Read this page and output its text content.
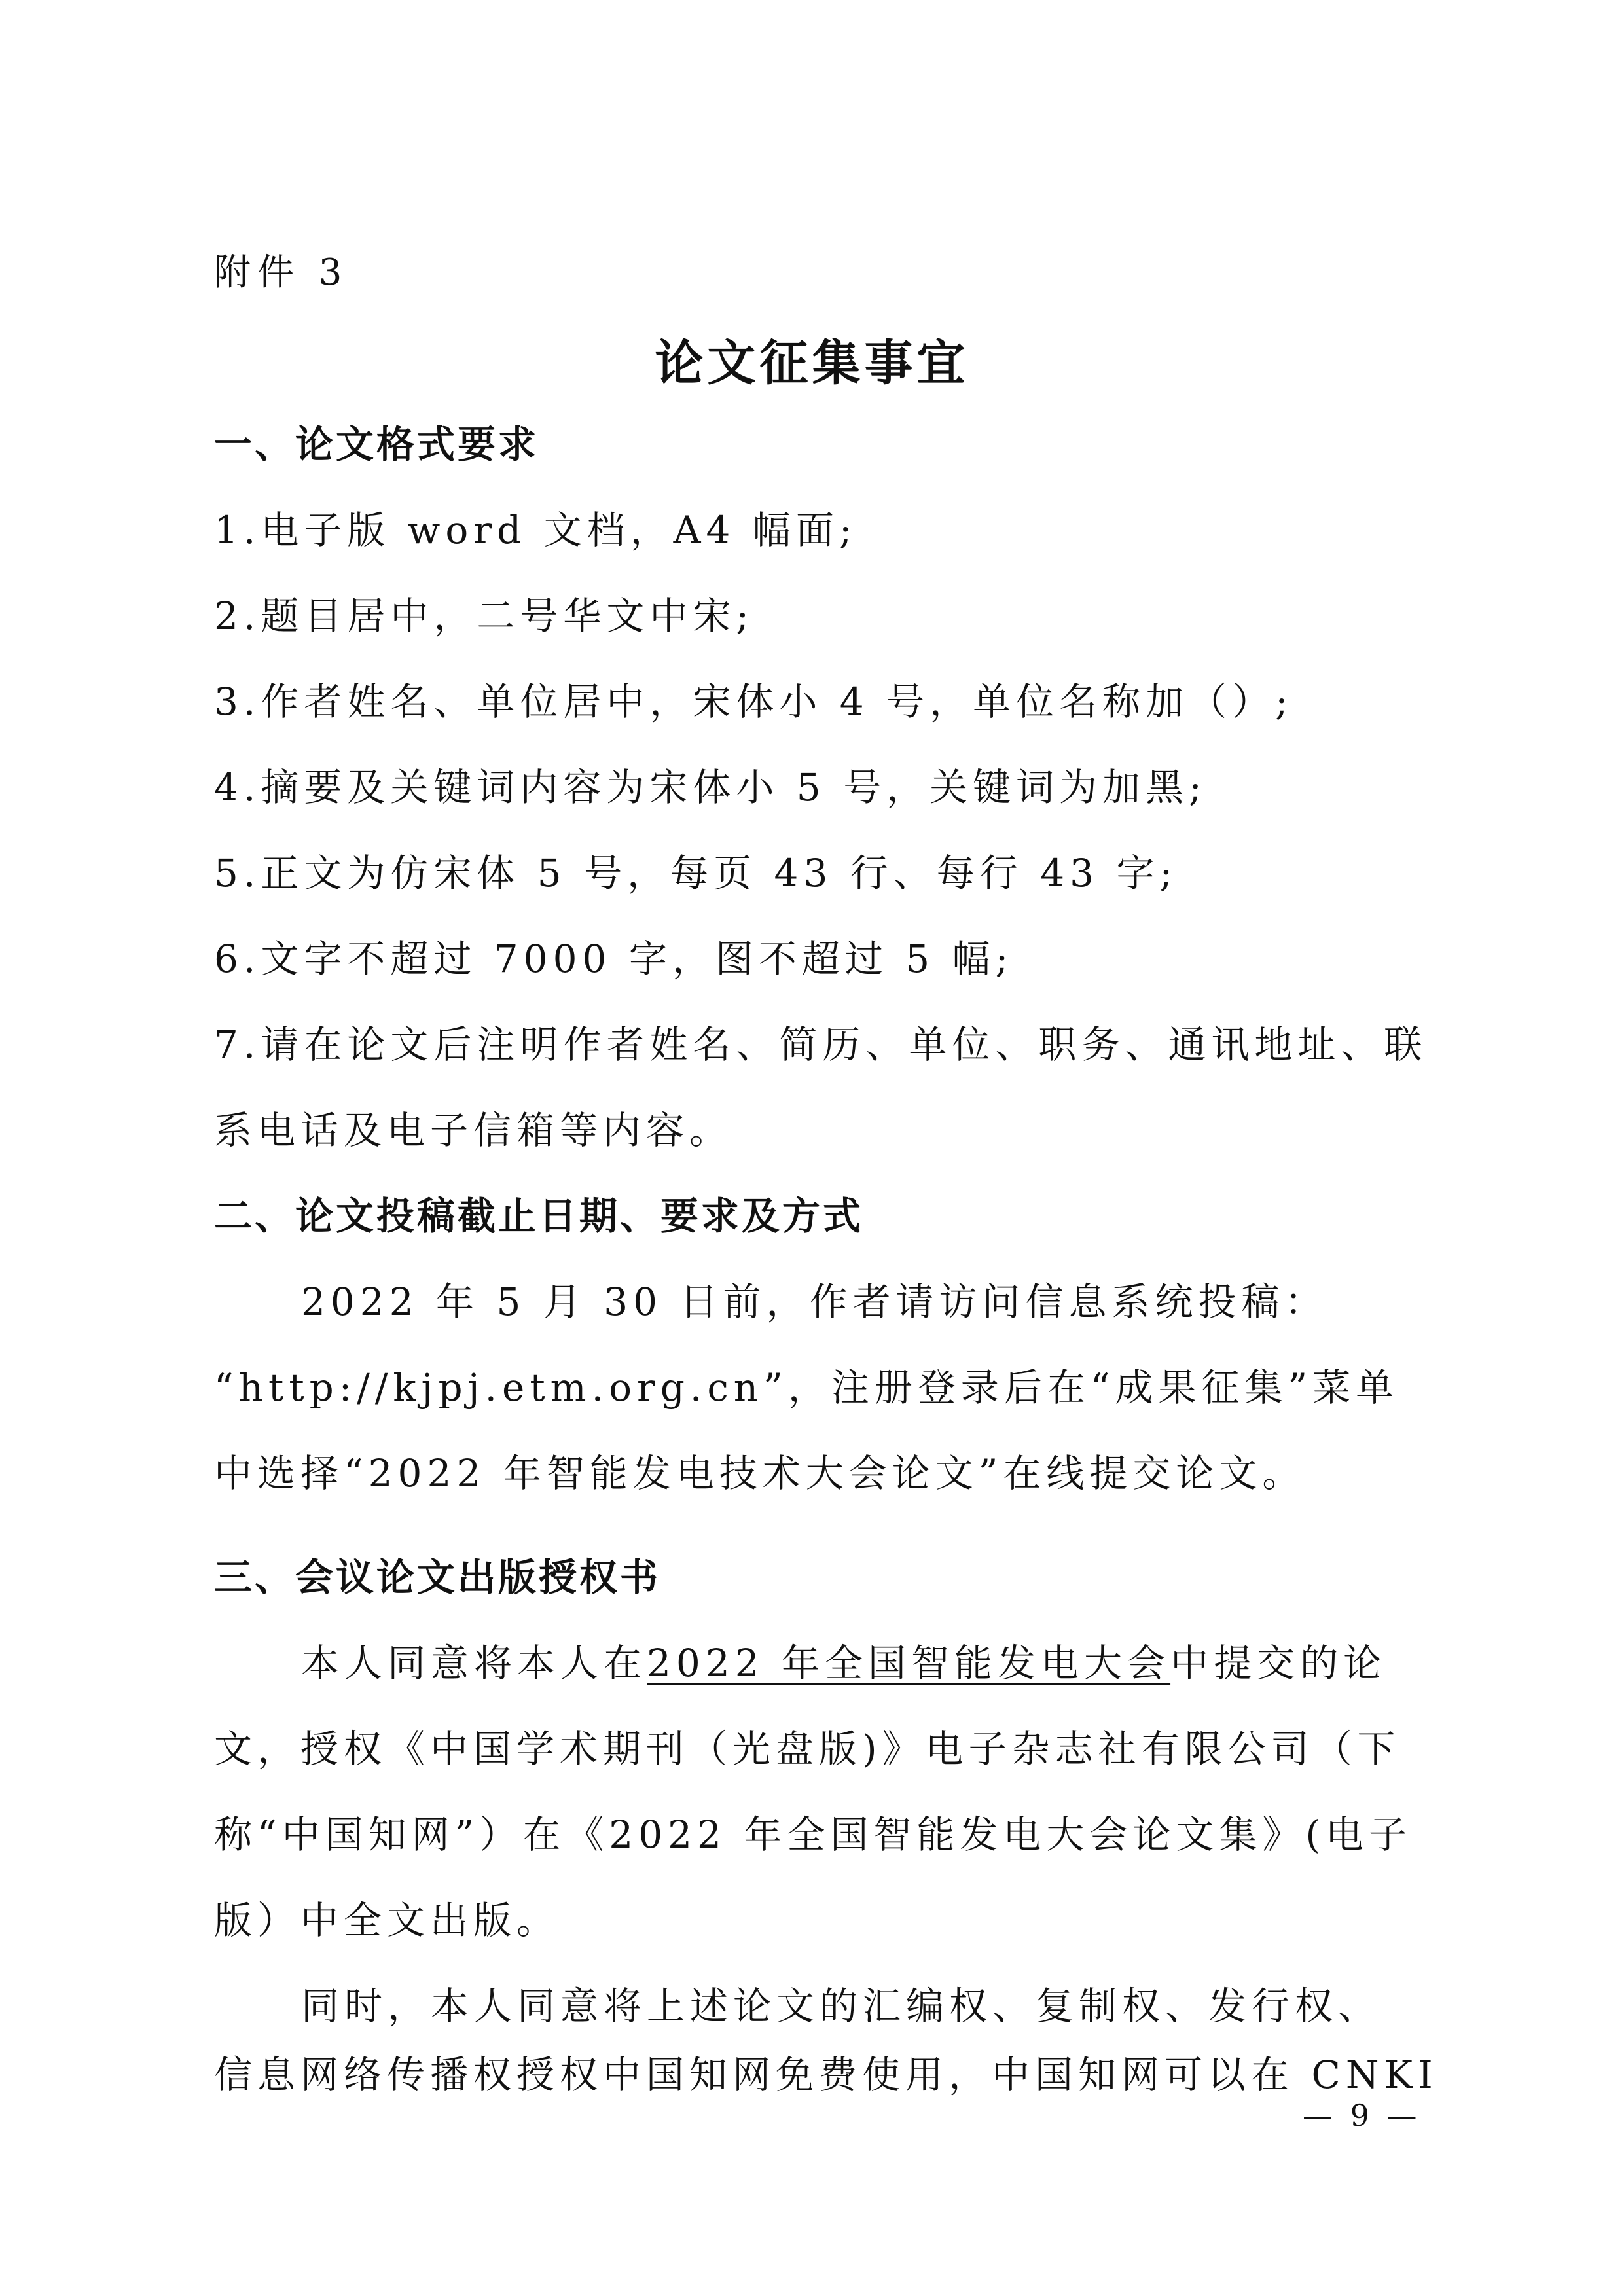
附件 3
论文征集事宜
一、论文格式要求
1.电子版 word 文档，A4 幅面;
2.题目居中，二号华文中宋;
3.作者姓名、单位居中，宋体小 4 号，单位名称加（）;
4.摘要及关键词内容为宋体小 5 号，关键词为加黑;
5.正文为仿宋体 5 号，每页 43 行、每行 43 字;
6.文字不超过 7000 字，图不超过 5 幅;
7.请在论文后注明作者姓名、简历、单位、职务、通讯地址、联
系电话及电子信箱等内容。
二、论文投稿截止日期、要求及方式
2022 年 5 月 30 日前，作者请访问信息系统投稿：
“http://kjpj.etm.org.cn”，注册登录后在“成果征集”菜单
中选择“2022 年智能发电技术大会论文”在线提交论文。
三、会议论文出版授权书
本人同意将本人在2022 年全国智能发电大会中提交的论
文，授权《中国学术期刊（光盘版)》电子杂志社有限公司（下
称“中国知网”）在《2022 年全国智能发电大会论文集》(电子
版）中全文出版。
同时，本人同意将上述论文的汇编权、复制权、发行权、
信息网络传播权授权中国知网免费使用，中国知网可以在 CNKI
— 9 —
